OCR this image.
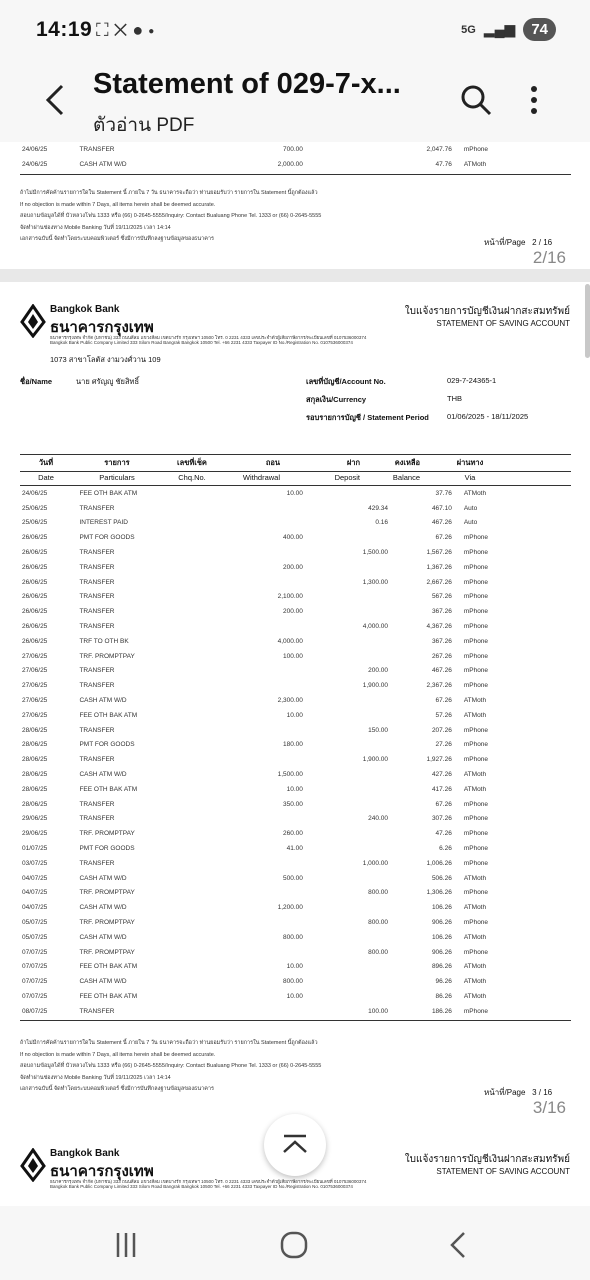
14:19 ⛶ ✕ ● ●	5G ▂▄▆	74
Statement of 029-7-x...
ตัวอ่าน PDF
24/06/25	TRANSFER		700.00		2,047.76	mPhone
24/06/25	CASH ATM W/D		2,000.00		47.76	ATMoth
ถ้าไม่มีการคัดค้านรายการใดใน Statement นี้ ภายใน 7 วัน ธนาคารจะถือว่า ท่านยอมรับว่า รายการใน Statement นี้ถูกต้องแล้ว
If no objection is made within 7 Days, all items herein shall be deemed accurate.
สอบถามข้อมูลได้ที่ บัวหลวงโฟน 1333 หรือ (66) 0-2645-5555/Inquiry: Contact Bualuang Phone Tel. 1333 or (66) 0-2645-5555
จัดทำผ่านช่องทาง Mobile Banking วันที่ 19/11/2025 เวลา 14:14
เอกสารฉบับนี้ จัดทำโดยระบบคอมพิวเตอร์ ซึ่งมีการบันทึกลงฐานข้อมูลของธนาคาร	หน้าที่/Page 2 / 16
2/16
Bangkok Bank
ธนาคารกรุงเทพ
ธนาคารกรุงเทพ จำกัด (มหาชน) 333 ถนนสีลม แขวงสีลม เขตบางรัก กรุงเทพฯ 10500 โทร. 0 2231 4333 เลขประจำตัวผู้เสียภาษีอากร/ทะเบียนเลขที่ 0107536000374
Bangkok Bank Public Company Limited 333 Silom Road Bangrak Bangkok 10500 Tel. +66 2231 4333 Taxpayer ID No./Registration No. 0107536000374
1073 สาขาโลตัส งามวงศ์วาน 109
ใบแจ้งรายการบัญชีเงินฝากสะสมทรัพย์
STATEMENT OF SAVING ACCOUNT
ชื่อ/Name	นาย ศรัญญู ชัยสิทธิ์	เลขที่บัญชี/Account No.	029-7-24365-1
สกุลเงิน/Currency	THB
รอบรายการบัญชี / Statement Period 01/06/2025 - 18/11/2025
วันที่	รายการ	เลขที่เช็ค	ถอน	ฝาก	คงเหลือ	ผ่านทาง
Date	Particulars	Chq.No.	Withdrawal	Deposit	Balance	Via
24/06/25	FEE OTH BAK ATM		10.00		37.76	ATMoth
25/06/25	TRANSFER			429.34	467.10	Auto
25/06/25	INTEREST PAID			0.16	467.26	Auto
26/06/25	PMT FOR GOODS		400.00		67.26	mPhone
26/06/25	TRANSFER			1,500.00	1,567.26	mPhone
26/06/25	TRANSFER		200.00		1,367.26	mPhone
26/06/25	TRANSFER			1,300.00	2,667.26	mPhone
26/06/25	TRANSFER		2,100.00		567.26	mPhone
26/06/25	TRANSFER		200.00		367.26	mPhone
26/06/25	TRANSFER			4,000.00	4,367.26	mPhone
26/06/25	TRF TO OTH BK		4,000.00		367.26	mPhone
27/06/25	TRF. PROMPTPAY		100.00		267.26	mPhone
27/06/25	TRANSFER			200.00	467.26	mPhone
27/06/25	TRANSFER			1,900.00	2,367.26	mPhone
27/06/25	CASH ATM W/D		2,300.00		67.26	ATMoth
27/06/25	FEE OTH BAK ATM		10.00		57.26	ATMoth
28/06/25	TRANSFER			150.00	207.26	mPhone
28/06/25	PMT FOR GOODS		180.00		27.26	mPhone
28/06/25	TRANSFER			1,900.00	1,927.26	mPhone
28/06/25	CASH ATM W/D		1,500.00		427.26	ATMoth
28/06/25	FEE OTH BAK ATM		10.00		417.26	ATMoth
28/06/25	TRANSFER		350.00		67.26	mPhone
29/06/25	TRANSFER			240.00	307.26	mPhone
29/06/25	TRF. PROMPTPAY		260.00		47.26	mPhone
01/07/25	PMT FOR GOODS		41.00		6.26	mPhone
03/07/25	TRANSFER			1,000.00	1,006.26	mPhone
04/07/25	CASH ATM W/D		500.00		506.26	ATMoth
04/07/25	TRF. PROMPTPAY			800.00	1,306.26	mPhone
04/07/25	CASH ATM W/D		1,200.00		106.26	ATMoth
05/07/25	TRF. PROMPTPAY			800.00	906.26	mPhone
05/07/25	CASH ATM W/D		800.00		106.26	ATMoth
07/07/25	TRF. PROMPTPAY			800.00	906.26	mPhone
07/07/25	FEE OTH BAK ATM		10.00		896.26	ATMoth
07/07/25	CASH ATM W/D		800.00		96.26	ATMoth
07/07/25	FEE OTH BAK ATM		10.00		86.26	ATMoth
08/07/25	TRANSFER			100.00	186.26	mPhone
ถ้าไม่มีการคัดค้านรายการใดใน Statement นี้ ภายใน 7 วัน ธนาคารจะถือว่า ท่านยอมรับว่า รายการใน Statement นี้ถูกต้องแล้ว
If no objection is made within 7 Days, all items herein shall be deemed accurate.
สอบถามข้อมูลได้ที่ บัวหลวงโฟน 1333 หรือ (66) 0-2645-5555/Inquiry: Contact Bualuang Phone Tel. 1333 or (66) 0-2645-5555
จัดทำผ่านช่องทาง Mobile Banking วันที่ 19/11/2025 เวลา 14:14
เอกสารฉบับนี้ จัดทำโดยระบบคอมพิวเตอร์ ซึ่งมีการบันทึกลงฐานข้อมูลของธนาคาร	หน้าที่/Page 3 / 16
3/16
Bangkok Bank
ธนาคารกรุงเทพ
ธนาคารกรุงเทพ จำกัด (มหาชน) 333 ถนนสีลม แขวงสีลม เขตบางรัก กรุงเทพฯ 10500 โทร. 0 2231 4333 เลขประจำตัวผู้เสียภาษีอากร/ทะเบียนเลขที่ 0107536000374
Bangkok Bank Public Company Limited 333 Silom Road Bangrak Bangkok 10500 Tel. +66 2231 4333 Taxpayer ID No./Registration No. 0107536000374
ใบแจ้งรายการบัญชีเงินฝากสะสมทรัพย์
STATEMENT OF SAVING ACCOUNT
